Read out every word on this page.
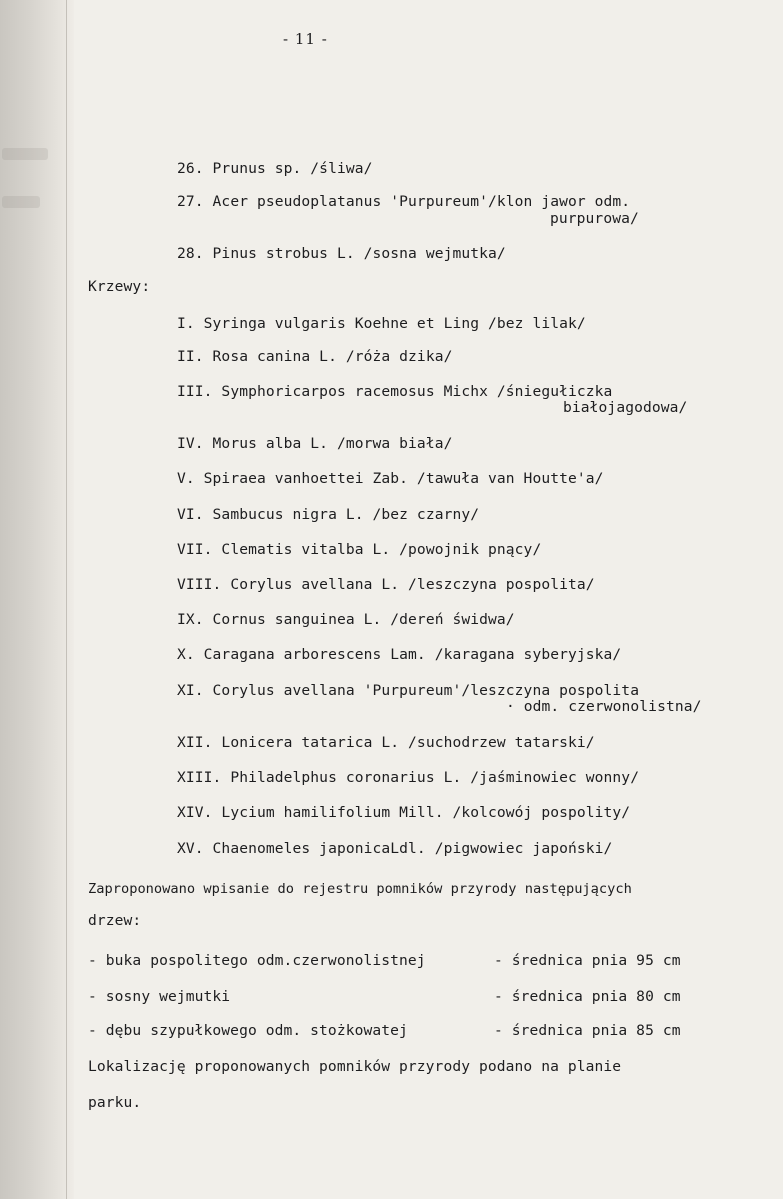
- 11 -
26. Prunus sp. /śliwa/
27. Acer pseudoplatanus 'Purpureum'/klon jawor odm.
purpurowa/
28. Pinus strobus L. /sosna wejmutka/
Krzewy:
I. Syringa vulgaris Koehne et Ling /bez lilak/
II. Rosa canina L. /róża dzika/
III. Symphoricarpos racemosus Michx /śniegułiczka
białojagodowa/
IV. Morus alba L. /morwa biała/
V. Spiraea vanhoettei Zab. /tawuła van Houtte'a/
VI. Sambucus nigra L. /bez czarny/
VII. Clematis vitalba L. /powojnik pnący/
VIII. Corylus avellana L. /leszczyna pospolita/
IX. Cornus sanguinea L. /dereń świdwa/
X. Caragana arborescens Lam. /karagana syberyjska/
XI. Corylus avellana 'Purpureum'/leszczyna pospolita
· odm. czerwonolistna/
XII. Lonicera tatarica L. /suchodrzew tatarski/
XIII. Philadelphus coronarius L. /jaśminowiec wonny/
XIV. Lycium hamilifolium Mill. /kolcowój pospolity/
XV. Chaenomeles japonicaLdl. /pigwowiec japoński/
Zaproponowano wpisanie do rejestru pomników przyrody następujących
drzew:
- buka pospolitego odm.czerwonolistnej	- średnica pnia 95 cm
- sosny wejmutki	- średnica pnia 80 cm
- dębu szypułkowego odm. stożkowatej	- średnica pnia 85 cm
Lokalizację proponowanych pomników przyrody podano na planie
parku.
